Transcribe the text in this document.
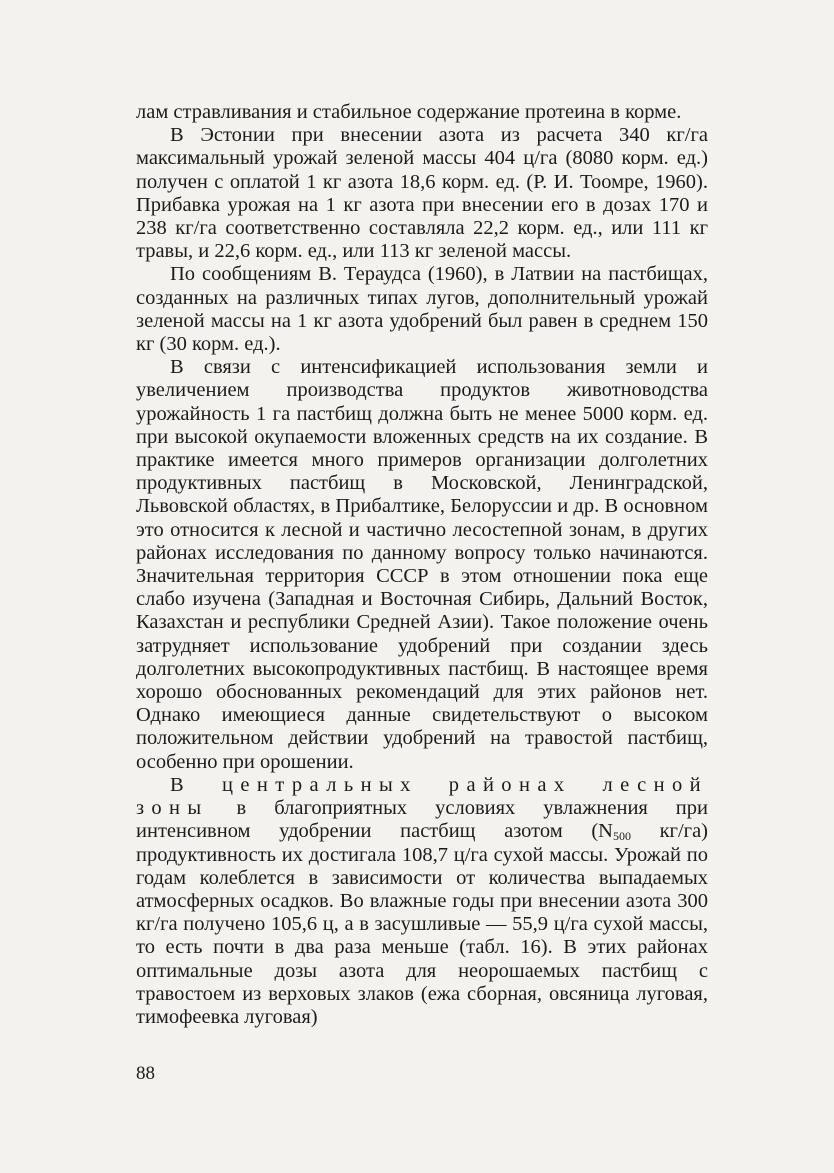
лам стравливания и стабильное содержание протеина в корме.

В Эстонии при внесении азота из расчета 340 кг/га максимальный урожай зеленой массы 404 ц/га (8080 корм. ед.) получен с оплатой 1 кг азота 18,6 корм. ед. (Р. И. Тоомре, 1960). Прибавка урожая на 1 кг азота при внесении его в дозах 170 и 238 кг/га соответственно составляла 22,2 корм. ед., или 111 кг травы, и 22,6 корм. ед., или 113 кг зеленой массы.

По сообщениям В. Тераудса (1960), в Латвии на пастбищах, созданных на различных типах лугов, дополнительный урожай зеленой массы на 1 кг азота удобрений был равен в среднем 150 кг (30 корм. ед.).

В связи с интенсификацией использования земли и увеличением производства продуктов животноводства урожайность 1 га пастбищ должна быть не менее 5000 корм. ед. при высокой окупаемости вложенных средств на их создание. В практике имеется много примеров организации долголетних продуктивных пастбищ в Московской, Ленинградской, Львовской областях, в Прибалтике, Белоруссии и др. В основном это относится к лесной и частично лесостепной зонам, в других районах исследования по данному вопросу только начинаются. Значительная территория СССР в этом отношении пока еще слабо изучена (Западная и Восточная Сибирь, Дальний Восток, Казахстан и республики Средней Азии). Такое положение очень затрудняет использование удобрений при создании здесь долголетних высокопродуктивных пастбищ. В настоящее время хорошо обоснованных рекомендаций для этих районов нет. Однако имеющиеся данные свидетельствуют о высоком положительном действии удобрений на травостой пастбищ, особенно при орошении.

В центральных районах лесной зоны в благоприятных условиях увлажнения при интенсивном удобрении пастбищ азотом ($N_{500}$ кг/га) продуктивность их достигала 108,7 ц/га сухой массы. Урожай по годам колеблется в зависимости от количества выпадаемых атмосферных осадков. Во влажные годы при внесении азота 300 кг/га получено 105,6 ц, а в засушливые — 55,9 ц/га сухой массы, то есть почти в два раза меньше (табл. 16). В этих районах оптимальные дозы азота для неорошаемых пастбищ с травостоем из верховых злаков (ежа сборная, овсяница луговая, тимофеевка луговая)

88
